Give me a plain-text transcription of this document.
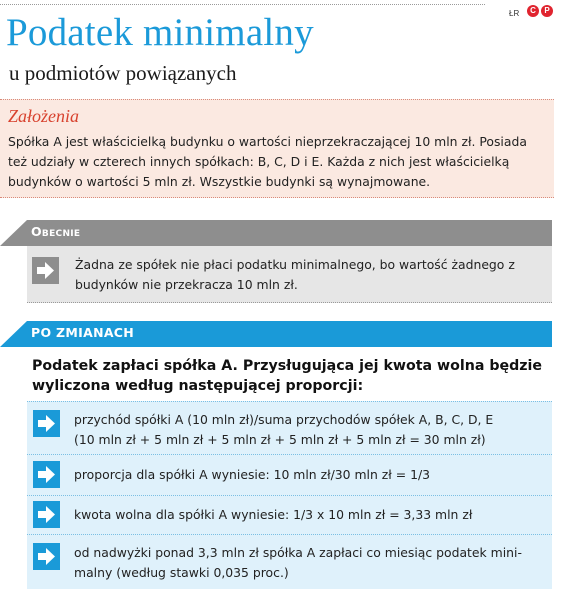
ŁR	C	P
Podatek minimalny
u podmiotów powiązanych
Założenia
Spółka A jest właścicielką budynku o wartości nieprzekraczającej 10 mln zł. Posiada też udziały w czterech innych spółkach: B, C, D i E. Każda z nich jest właścicielką budynków o wartości 5 mln zł. Wszystkie budynki są wynajmowane.
Obecnie
Żadna ze spółek nie płaci podatku minimalnego, bo wartość żadnego z budynków nie przekracza 10 mln zł.
PO ZMIANACH
Podatek zapłaci spółka A. Przysługująca jej kwota wolna będzie wyliczona według następującej proporcji:
przychód spółki A (10 mln zł)/suma przychodów spółek A, B, C, D, E
(10 mln zł + 5 mln zł + 5 mln zł + 5 mln zł + 5 mln zł = 30 mln zł)
proporcja dla spółki A wyniesie: 10 mln zł/30 mln zł = 1/3
kwota wolna dla spółki A wyniesie: 1/3 x 10 mln zł = 3,33 mln zł
od nadwyżki ponad 3,3 mln zł spółka A zapłaci co miesiąc podatek mini-
malny (według stawki 0,035 proc.)
